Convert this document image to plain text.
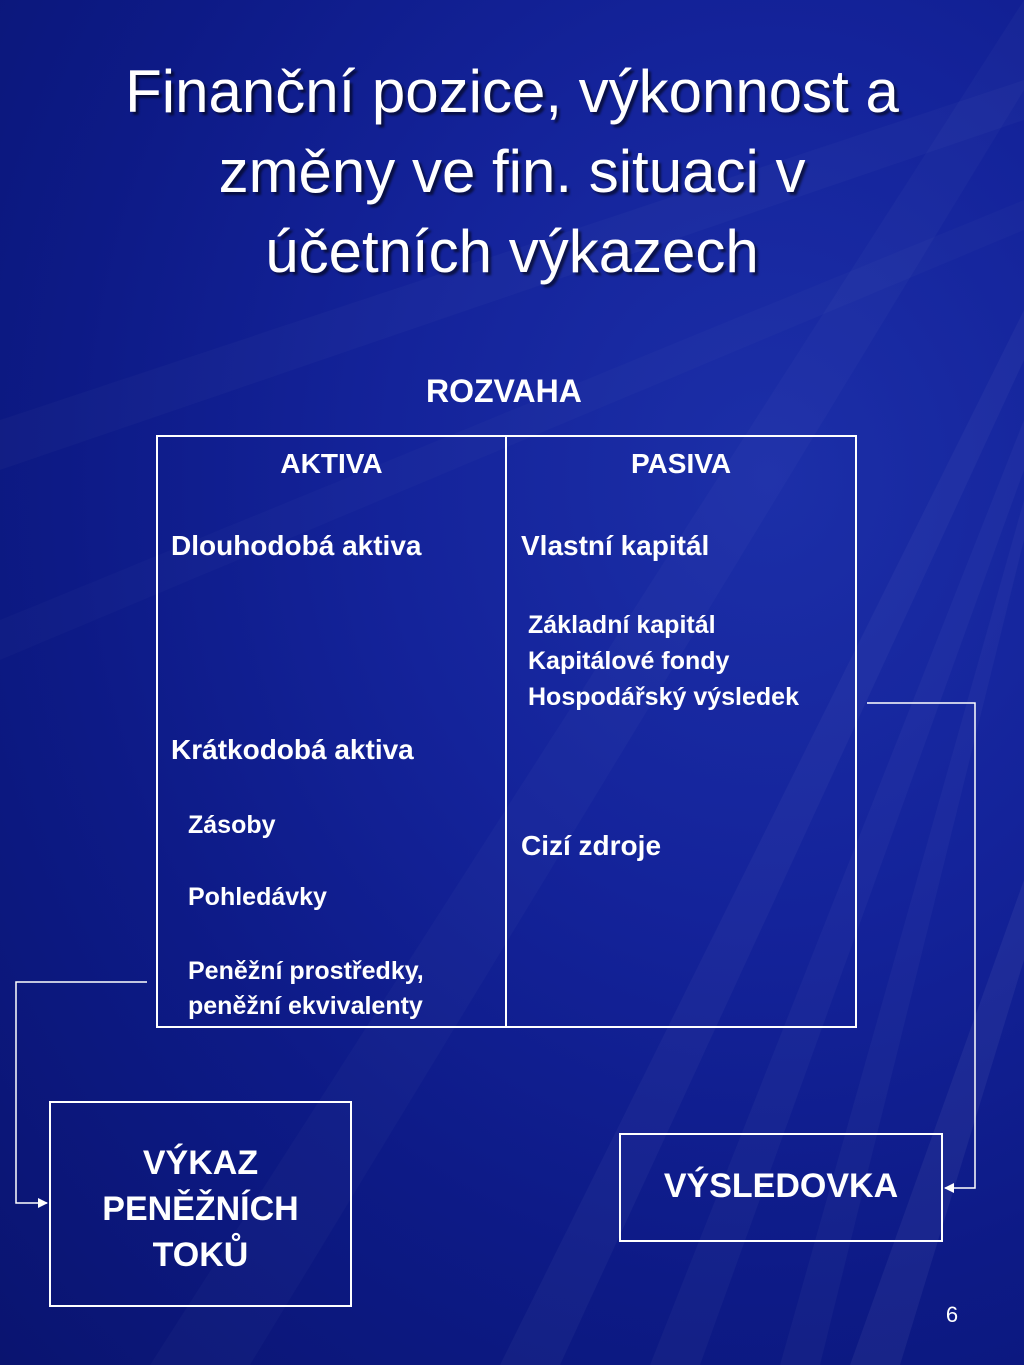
Finanční pozice, výkonnost a
změny ve fin. situaci v
účetních výkazech
ROZVAHA
AKTIVA	PASIVA
Dlouhodobá aktiva
Krátkodobá aktiva
Zásoby
Pohledávky
Peněžní prostředky,
peněžní ekvivalenty
Vlastní kapitál
Základní kapitál
Kapitálové fondy
Hospodářský výsledek
Cizí zdroje
VÝKAZ
PENĚŽNÍCH
TOKŮ
VÝSLEDOVKA
6
